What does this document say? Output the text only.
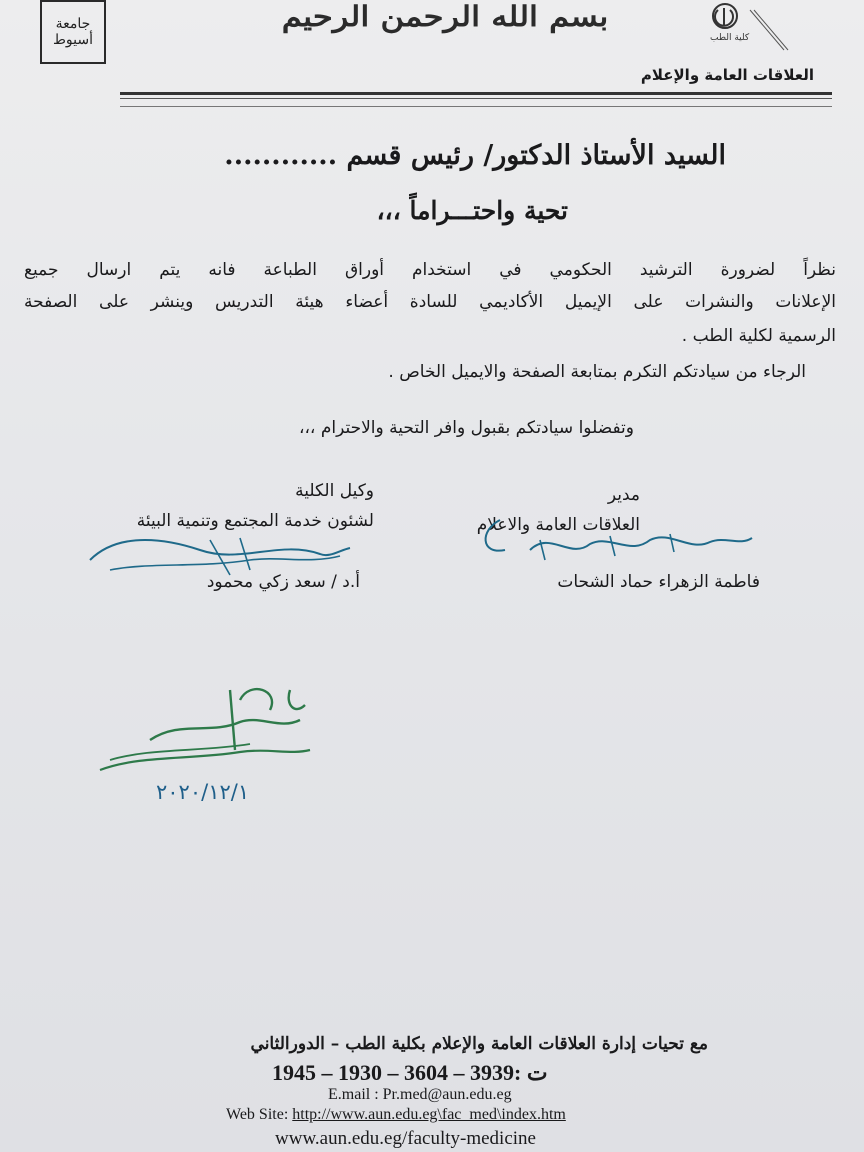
جامعة أسيوط
بسم الله الرحمن الرحيم
كلية الطب
العلاقات العامة والإعلام
السيد الأستاذ الدكتور/ رئيس قسم ............
تحية واحتـــراماً ،،،
نظراً لضرورة الترشيد الحكومي في استخدام أوراق الطباعة فانه يتم ارسال جميع
الإعلانات والنشرات على الإيميل الأكاديمي للسادة أعضاء هيئة التدريس وينشر على الصفحة
الرسمية لكلية الطب .
الرجاء من سيادتكم التكرم بمتابعة الصفحة والايميل الخاص .
وتفضلوا سيادتكم بقبول وافر التحية والاحترام ،،،
مدير
العلاقات العامة والاعلام
وكيل الكلية
لشئون خدمة المجتمع وتنمية البيئة
أ.د / سعد زكي محمود	فاطمة الزهراء حماد الشحات
٢٠٢٠/١٢/١
مع تحيات إدارة العلاقات العامة والإعلام بكلية الطب – الدورالثاني
1945 – 1930 – 3604 – 3939: ت
E.mail : Pr.med@aun.edu.eg
Web Site: http://www.aun.edu.eg\fac_med\index.htm
www.aun.edu.eg/faculty-medicine
